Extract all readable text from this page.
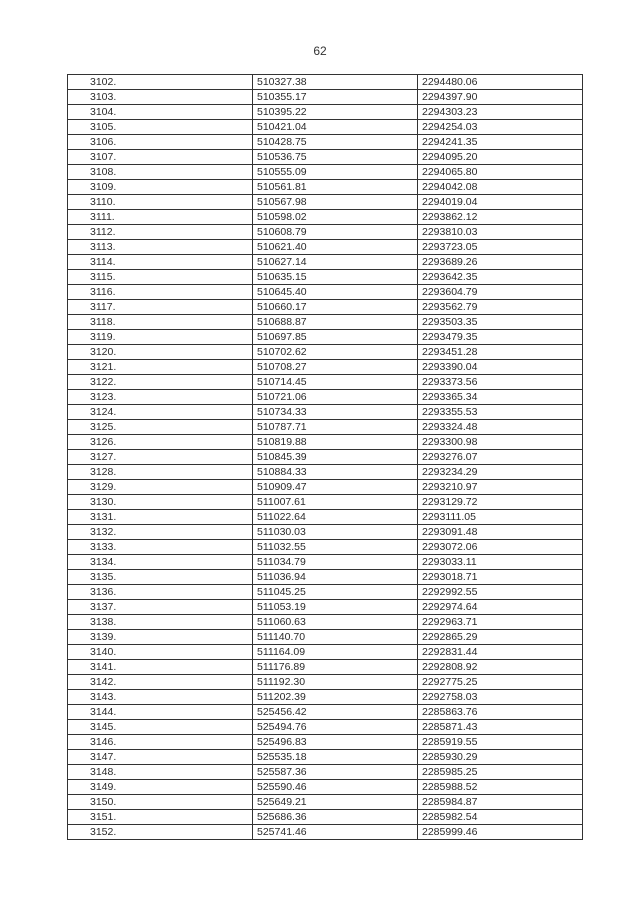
62
3102.	510327.38	2294480.06
3103.	510355.17	2294397.90
3104.	510395.22	2294303.23
3105.	510421.04	2294254.03
3106.	510428.75	2294241.35
3107.	510536.75	2294095.20
3108.	510555.09	2294065.80
3109.	510561.81	2294042.08
3110.	510567.98	2294019.04
3111.	510598.02	2293862.12
3112.	510608.79	2293810.03
3113.	510621.40	2293723.05
3114.	510627.14	2293689.26
3115.	510635.15	2293642.35
3116.	510645.40	2293604.79
3117.	510660.17	2293562.79
3118.	510688.87	2293503.35
3119.	510697.85	2293479.35
3120.	510702.62	2293451.28
3121.	510708.27	2293390.04
3122.	510714.45	2293373.56
3123.	510721.06	2293365.34
3124.	510734.33	2293355.53
3125.	510787.71	2293324.48
3126.	510819.88	2293300.98
3127.	510845.39	2293276.07
3128.	510884.33	2293234.29
3129.	510909.47	2293210.97
3130.	511007.61	2293129.72
3131.	511022.64	2293111.05
3132.	511030.03	2293091.48
3133.	511032.55	2293072.06
3134.	511034.79	2293033.11
3135.	511036.94	2293018.71
3136.	511045.25	2292992.55
3137.	511053.19	2292974.64
3138.	511060.63	2292963.71
3139.	511140.70	2292865.29
3140.	511164.09	2292831.44
3141.	511176.89	2292808.92
3142.	511192.30	2292775.25
3143.	511202.39	2292758.03
3144.	525456.42	2285863.76
3145.	525494.76	2285871.43
3146.	525496.83	2285919.55
3147.	525535.18	2285930.29
3148.	525587.36	2285985.25
3149.	525590.46	2285988.52
3150.	525649.21	2285984.87
3151.	525686.36	2285982.54
3152.	525741.46	2285999.46
